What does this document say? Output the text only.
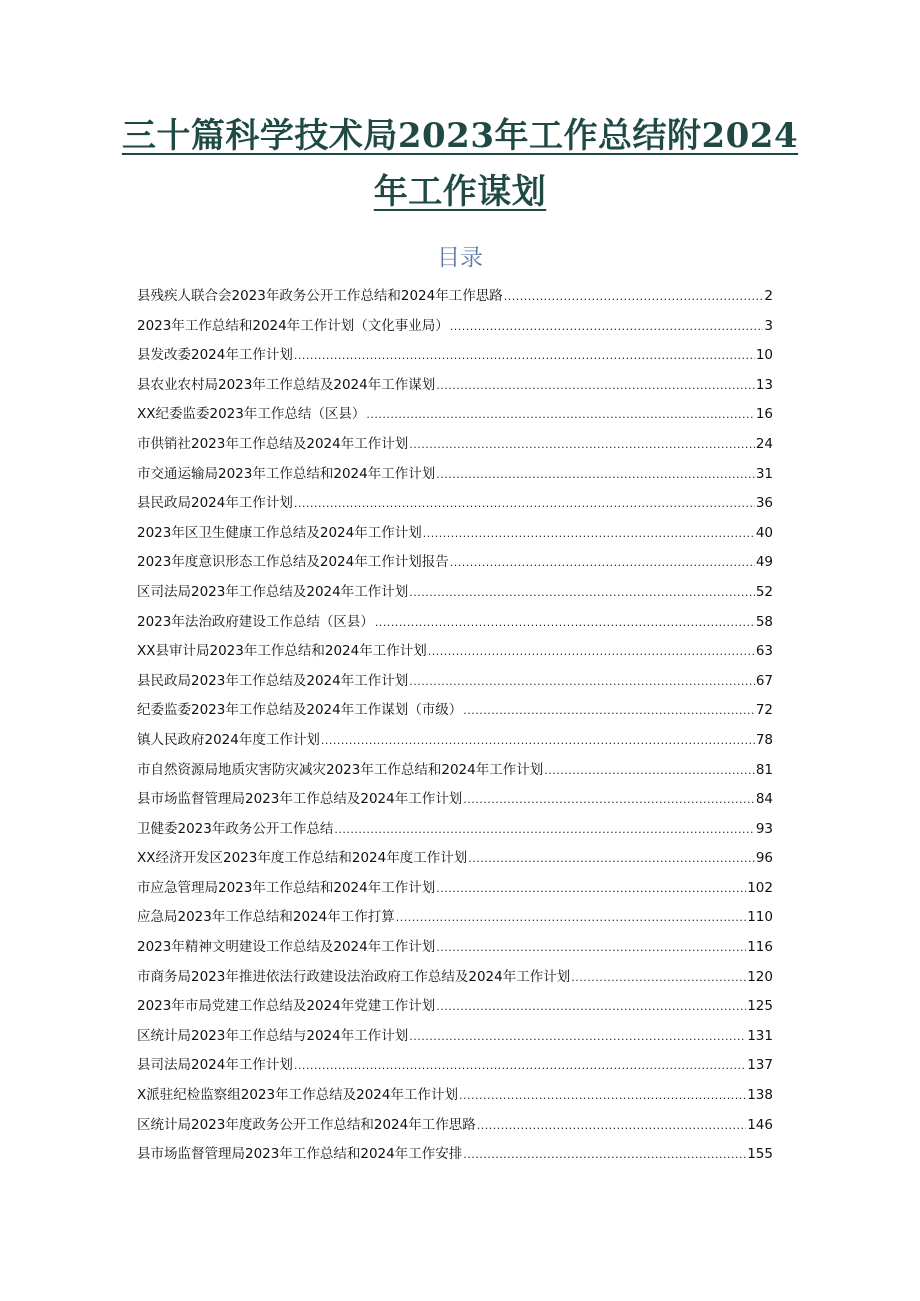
三十篇科学技术局2023年工作总结附2024
年工作谋划
目录
县残疾人联合会2023年政务公开工作总结和2024年工作思路 .....	2
2023年工作总结和2024年工作计划（文化事业局） .....	3
县发改委2024年工作计划 .....	10
县农业农村局2023年工作总结及2024年工作谋划 .....	13
XX纪委监委2023年工作总结（区县） .....	16
市供销社2023年工作总结及2024年工作计划 .....	24
市交通运输局2023年工作总结和2024年工作计划 .....	31
县民政局2024年工作计划 .....	36
2023年区卫生健康工作总结及2024年工作计划 .....	40
2023年度意识形态工作总结及2024年工作计划报告 .....	49
区司法局2023年工作总结及2024年工作计划 .....	52
2023年法治政府建设工作总结（区县） .....	58
XX县审计局2023年工作总结和2024年工作计划 .....	63
县民政局2023年工作总结及2024年工作计划 .....	67
纪委监委2023年工作总结及2024年工作谋划（市级） .....	72
镇人民政府2024年度工作计划 .....	78
市自然资源局地质灾害防灾减灾2023年工作总结和2024年工作计划 .....	81
县市场监督管理局2023年工作总结及2024年工作计划 .....	84
卫健委2023年政务公开工作总结 .....	93
XX经济开发区2023年度工作总结和2024年度工作计划 .....	96
市应急管理局2023年工作总结和2024年工作计划 .....	102
应急局2023年工作总结和2024年工作打算 .....	110
2023年精神文明建设工作总结及2024年工作计划 .....	116
市商务局2023年推进依法行政建设法治政府工作总结及2024年工作计划 .....	120
2023年市局党建工作总结及2024年党建工作计划 .....	125
区统计局2023年工作总结与2024年工作计划 .....	131
县司法局2024年工作计划 .....	137
X派驻纪检监察组2023年工作总结及2024年工作计划 .....	138
区统计局2023年度政务公开工作总结和2024年工作思路 .....	146
县市场监督管理局2023年工作总结和2024年工作安排 .....	155
